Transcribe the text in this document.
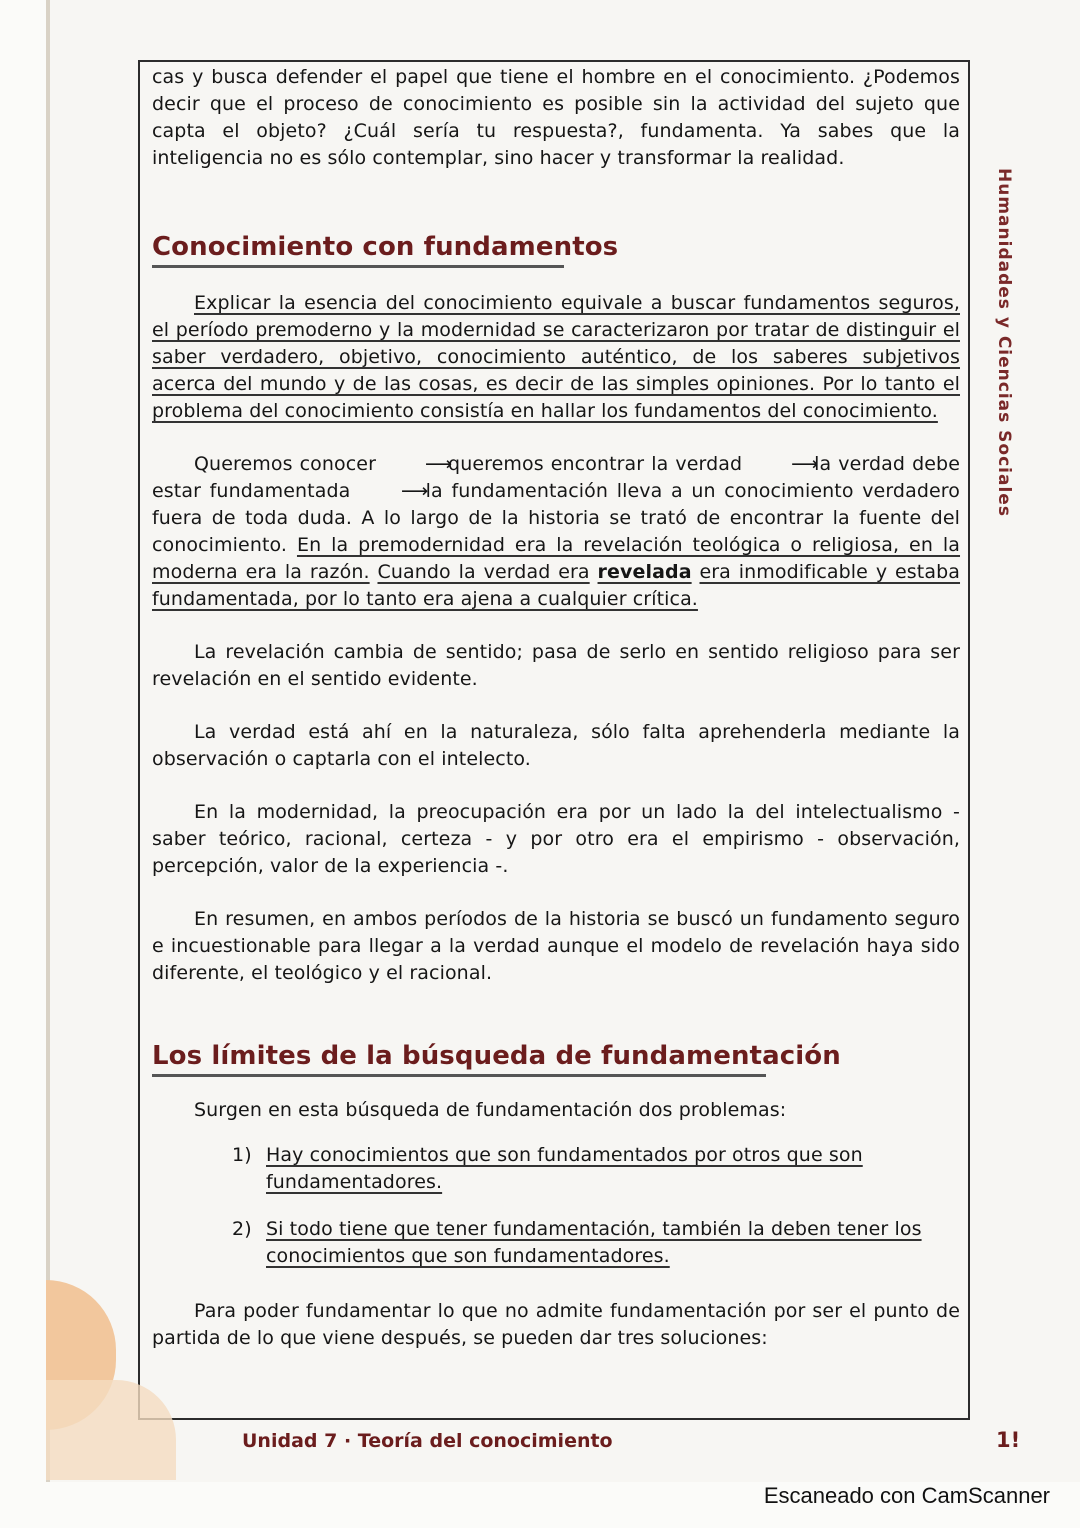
cas y busca defender el papel que tiene el hombre en el conocimiento. ¿Podemos decir que el proceso de conocimiento es posible sin la actividad del sujeto que capta el objeto? ¿Cuál sería tu respuesta?, fundamenta. Ya sabes que la inteligencia no es sólo contemplar, sino hacer y transformar la realidad.

Conocimiento con fundamentos

Explicar la esencia del conocimiento equivale a buscar fundamentos seguros, el período premoderno y la modernidad se caracterizaron por tratar de distinguir el saber verdadero, objetivo, conocimiento auténtico, de los saberes subjetivos acerca del mundo y de las cosas, es decir de las simples opiniones. Por lo tanto el problema del conocimiento consistía en hallar los fundamentos del conocimiento.

Queremos conocer	⟶ queremos encontrar la verdad	⟶ la verdad debe estar fundamentada	⟶ la fundamentación lleva a un conocimiento verdadero fuera de toda duda. A lo largo de la historia se trató de encontrar la fuente del conocimiento. En la premodernidad era la revelación teológica o religiosa, en la moderna era la razón. Cuando la verdad era revelada era inmodificable y estaba fundamentada, por lo tanto era ajena a cualquier crítica.

La revelación cambia de sentido; pasa de serlo en sentido religioso para ser revelación en el sentido evidente.

La verdad está ahí en la naturaleza, sólo falta aprehenderla mediante la observación o captarla con el intelecto.

En la modernidad, la preocupación era por un lado la del intelectualismo - saber teórico, racional, certeza - y por otro era el empirismo - observación, percepción, valor de la experiencia -.

En resumen, en ambos períodos de la historia se buscó un fundamento seguro e incuestionable para llegar a la verdad aunque el modelo de revelación haya sido diferente, el teológico y el racional.

Los límites de la búsqueda de fundamentación

Surgen en esta búsqueda de fundamentación dos problemas:

1) Hay conocimientos que son fundamentados por otros que son fundamentadores.
2) Si todo tiene que tener fundamentación, también la deben tener los conocimientos que son fundamentadores.

Para poder fundamentar lo que no admite fundamentación por ser el punto de partida de lo que viene después, se pueden dar tres soluciones:

Humanidades y Ciencias Sociales
Unidad 7 · Teoría del conocimiento	1!
Escaneado con CamScanner
